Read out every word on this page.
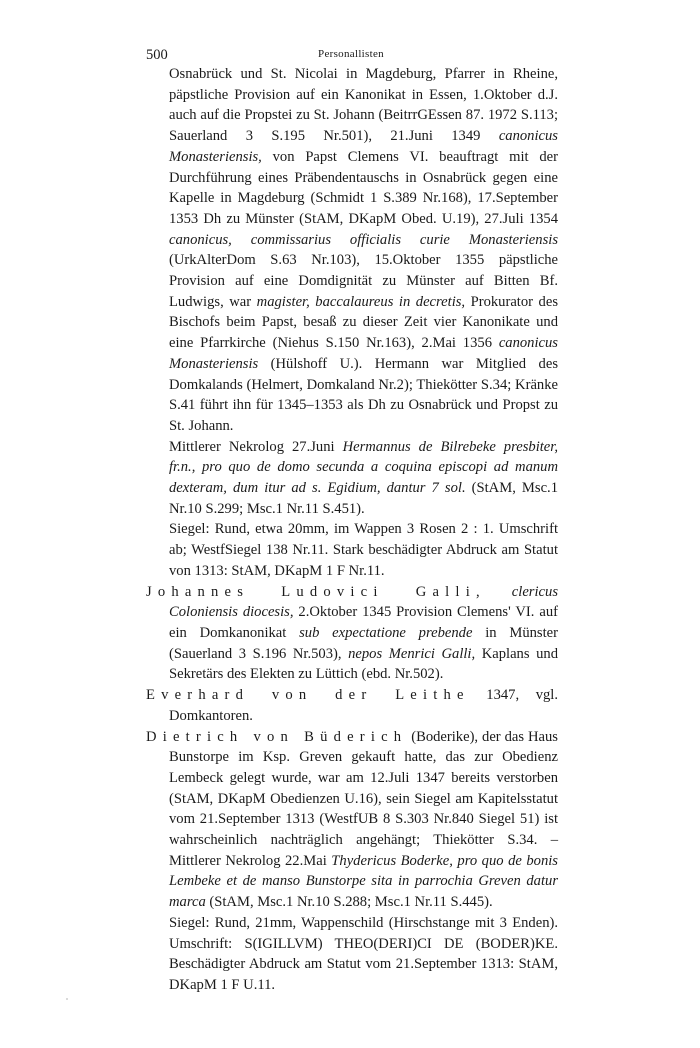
500	Personallisten

Osnabrück und St. Nicolai in Magdeburg, Pfarrer in Rheine, päpstliche Provision auf ein Kanonikat in Essen, 1.Oktober d.J. auch auf die Propstei zu St. Johann (BeitrrGEssen 87. 1972 S.113; Sauerland 3 S.195 Nr.501), 21.Juni 1349 canonicus Monasteriensis, von Papst Clemens VI. beauftragt mit der Durchführung eines Präbendentauschs in Osnabrück gegen eine Kapelle in Magdeburg (Schmidt 1 S.389 Nr.168), 17.September 1353 Dh zu Münster (StAM, DKapM Obed. U.19), 27.Juli 1354 canonicus, commissarius officialis curie Monasteriensis (UrkAlterDom S.63 Nr.103), 15.Oktober 1355 päpstliche Provision auf eine Domdignität zu Münster auf Bitten Bf. Ludwigs, war magister, baccalaureus in decretis, Prokurator des Bischofs beim Papst, besaß zu dieser Zeit vier Kanonikate und eine Pfarrkirche (Niehus S.150 Nr.163), 2.Mai 1356 canonicus Monasteriensis (Hülshoff U.). Hermann war Mitglied des Domkalands (Helmert, Domkaland Nr.2); Thiekötter S.34; Kränke S.41 führt ihn für 1345–1353 als Dh zu Osnabrück und Propst zu St. Johann.

Mittlerer Nekrolog 27.Juni Hermannus de Bilrebeke presbiter, fr.n., pro quo de domo secunda a coquina episcopi ad manum dexteram, dum itur ad s. Egidium, dantur 7 sol. (StAM, Msc.1 Nr.10 S.299; Msc.1 Nr.11 S.451).

Siegel: Rund, etwa 20mm, im Wappen 3 Rosen 2 : 1. Umschrift ab; WestfSiegel 138 Nr.11. Stark beschädigter Abdruck am Statut von 1313: StAM, DKapM 1 F Nr.11.

Johannes Ludovici Galli, clericus Coloniensis diocesis, 2.Oktober 1345 Provision Clemens' VI. auf ein Domkanonikat sub expectatione prebende in Münster (Sauerland 3 S.196 Nr.503), nepos Menrici Galli, Kaplans und Sekretärs des Elekten zu Lüttich (ebd. Nr.502).

Everhard von der Leithe 1347, vgl. Domkantoren.

Dietrich von Büderich (Boderike), der das Haus Bunstorpe im Ksp. Greven gekauft hatte, das zur Obedienz Lembeck gelegt wurde, war am 12.Juli 1347 bereits verstorben (StAM, DKapM Obedienzen U.16), sein Siegel am Kapitelsstatut vom 21.September 1313 (WestfUB 8 S.303 Nr.840 Siegel 51) ist wahrscheinlich nachträglich angehängt; Thiekötter S.34. – Mittlerer Nekrolog 22.Mai Thydericus Boderke, pro quo de bonis Lembeke et de manso Bunstorpe sita in parrochia Greven datur marca (StAM, Msc.1 Nr.10 S.288; Msc.1 Nr.11 S.445).

Siegel: Rund, 21mm, Wappenschild (Hirschstange mit 3 Enden). Umschrift: S(IGILLVM) THEO(DERI)CI DE (BODER)KE. Beschädigter Abdruck am Statut vom 21.September 1313: StAM, DKapM 1 F U.11.
